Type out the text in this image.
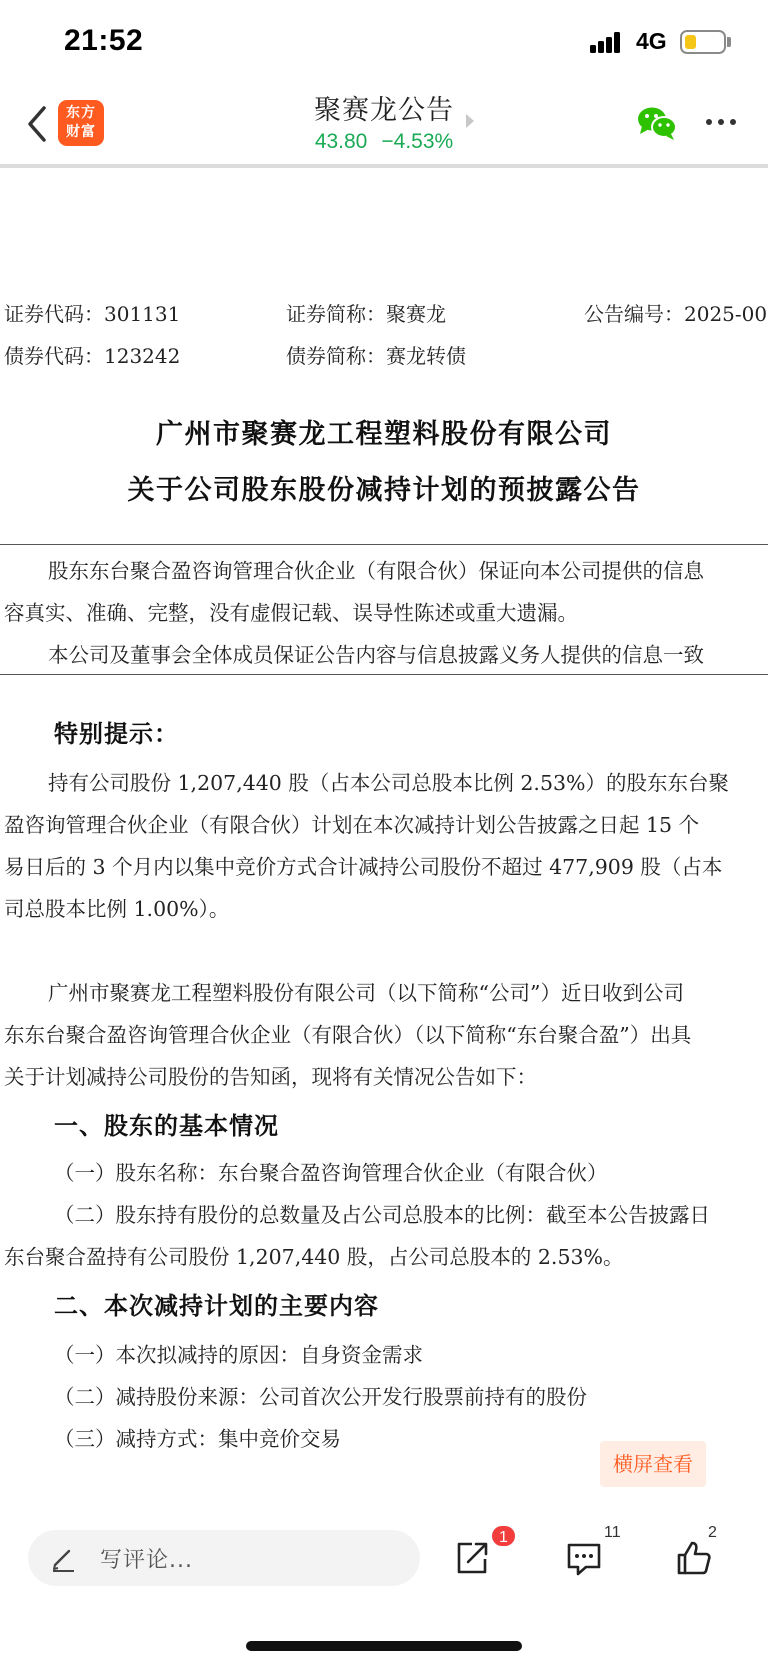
21:52	4G
东方
财富
聚赛龙公告
43.80 −4.53%
证券代码：301131	证券简称：聚赛龙	公告编号：2025-00
债券代码：123242	债券简称：赛龙转债
广州市聚赛龙工程塑料股份有限公司
关于公司股东股份减持计划的预披露公告
股东东台聚合盈咨询管理合伙企业（有限合伙）保证向本公司提供的信息
容真实、准确、完整，没有虚假记载、误导性陈述或重大遗漏。
本公司及董事会全体成员保证公告内容与信息披露义务人提供的信息一致
特别提示：
持有公司股份 1,207,440 股（占本公司总股本比例 2.53%）的股东东台聚
盈咨询管理合伙企业（有限合伙）计划在本次减持计划公告披露之日起 15 个
易日后的 3 个月内以集中竞价方式合计减持公司股份不超过 477,909 股（占本
司总股本比例 1.00%）。
广州市聚赛龙工程塑料股份有限公司（以下简称“公司”）近日收到公司
东东台聚合盈咨询管理合伙企业（有限合伙）（以下简称“东台聚合盈”）出具
关于计划减持公司股份的告知函，现将有关情况公告如下：
一、股东的基本情况
（一）股东名称：东台聚合盈咨询管理合伙企业（有限合伙）
（二）股东持有股份的总数量及占公司总股本的比例：截至本公告披露日
东台聚合盈持有公司股份 1,207,440 股，占公司总股本的 2.53%。
二、本次减持计划的主要内容
（一）本次拟减持的原因：自身资金需求
（二）减持股份来源：公司首次公开发行股票前持有的股份
（三）减持方式：集中竞价交易
横屏查看
写评论...
1	11	2
